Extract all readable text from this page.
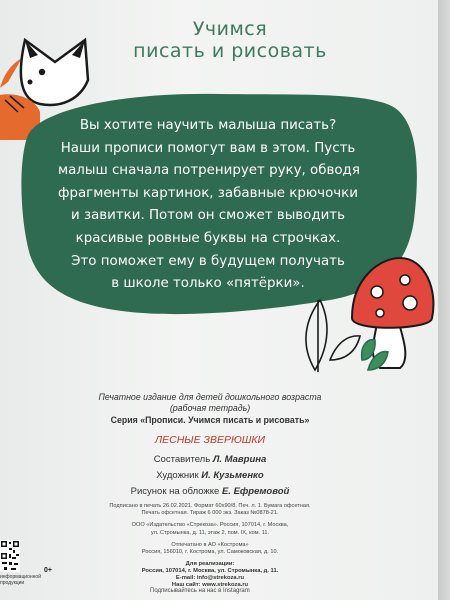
Учимся
писать и рисовать
Вы хотите научить малыша писать?
Наши прописи помогут вам в этом. Пусть
малыш сначала потренирует руку, обводя
фрагменты картинок, забавные крючочки
и завитки. Потом он сможет выводить
красивые ровные буквы на строчках.
Это поможет ему в будущем получать
в школе только «пятёрки».
Печатное издание для детей дошкольного возраста
(рабочая тетрадь)
Серия «Прописи. Учимся писать и рисовать»
ЛЕСНЫЕ ЗВЕРЮШКИ
Составитель Л. Маврина
Художник И. Кузьменко
Рисунок на обложке Е. Ефремовой
Подписано в печать 26.02.2021. Формат 60х90/8. Печ. л. 1. Бумага офсетная.
Печать офсетная. Тираж 6 000 экз. Заказ №0878-21.
ООО «Издательство «Стрекоза». Россия, 107014, г. Москва,
ул. Стромынка, д. 11, этаж 2, пом. IX, ком. 11.
Отпечатано в АО «Кострома»
Россия, 156010, г. Кострома, ул. Самоковская, д. 10.
Для реализации:
Россия, 107014, г. Москва, ул. Стромынка, д. 11.
E-mail: info@strekoza.ru
Наш сайт: www.strekoza.ru
Подписывайтесь на нас в Instagram
0+
информационной
продукции
